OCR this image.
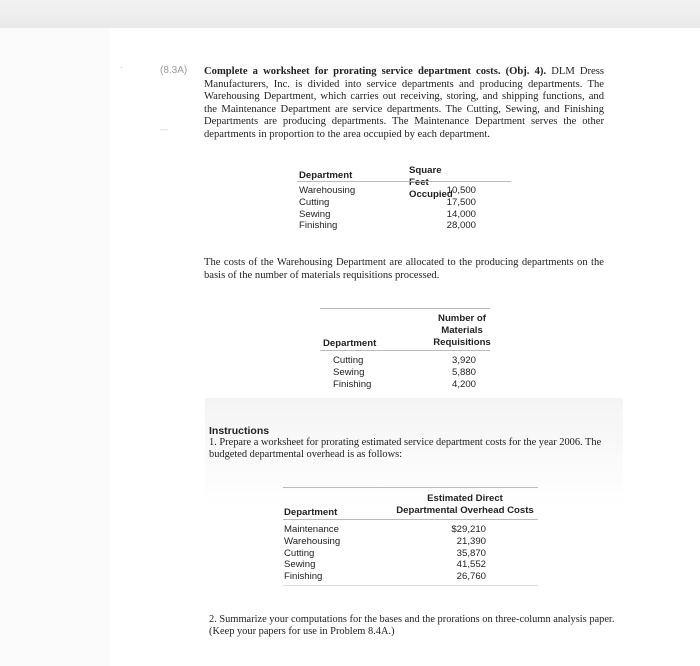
·
—
(8.3A) Complete a worksheet for prorating service department costs. (Obj. 4). DLM Dress Manufacturers, Inc. is divided into service departments and producing departments. The Warehousing Department, which carries out receiving, storing, and shipping functions, and the Maintenance Department are service departments. The Cutting, Sewing, and Finishing Departments are producing departments. The Maintenance Department serves the other departments in proportion to the area occupied by each department.
Department	Square Feet Occupied
Warehousing
Cutting
Sewing
Finishing
10,500
17,500
14,000
28,000
The costs of the Warehousing Department are allocated to the producing departments on the basis of the number of materials requisitions processed.
Number of
Materials
Requisitions
Department
Cutting
Sewing
Finishing
3,920
5,880
4,200
Instructions
1. Prepare a worksheet for prorating estimated service department costs for the year 2006. The budgeted departmental overhead is as follows:
Estimated Direct
Departmental Overhead Costs
Department
Maintenance
Warehousing
Cutting
Sewing
Finishing
$29,210
21,390
35,870
41,552
26,760
2. Summarize your computations for the bases and the prorations on three-column analysis paper. (Keep your papers for use in Problem 8.4A.)
